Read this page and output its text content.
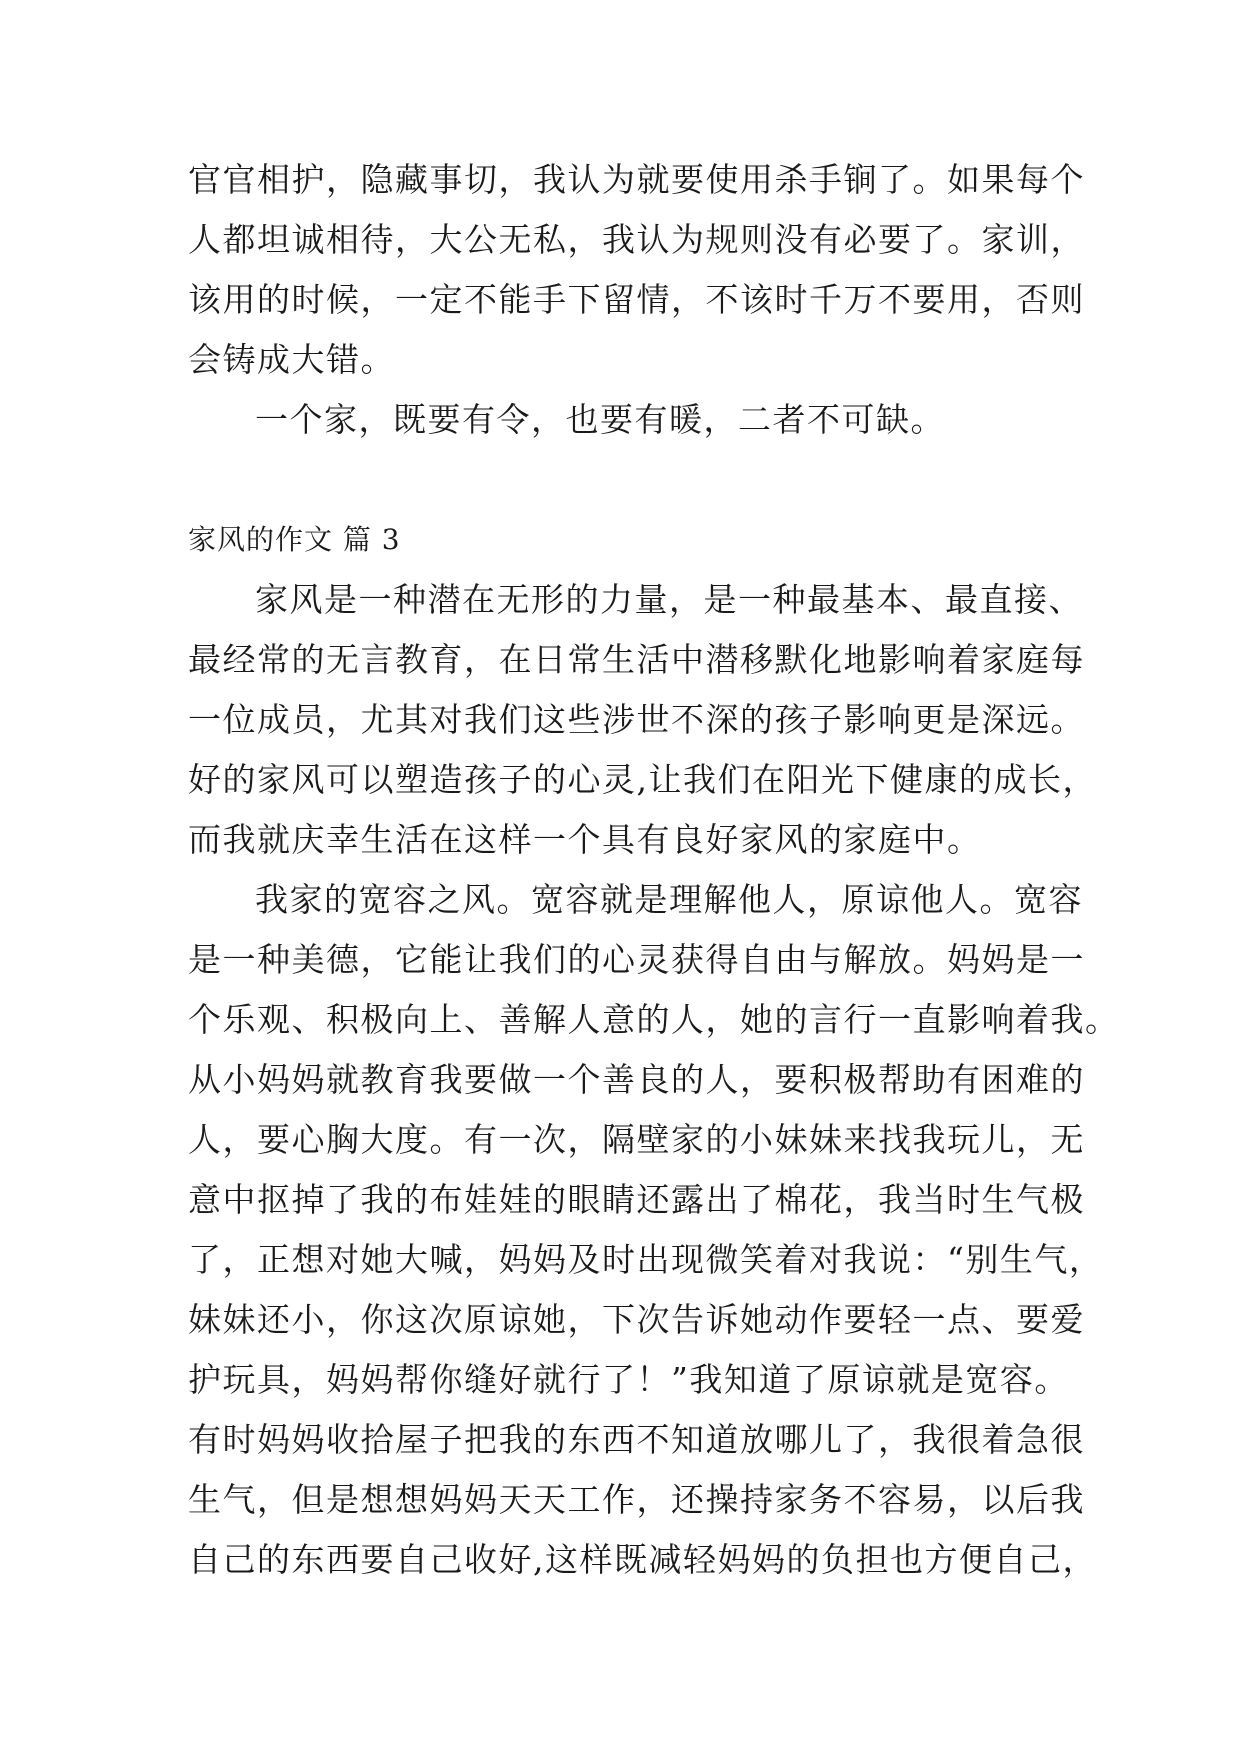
官官相护，隐藏事切，我认为就要使用杀手锏了。如果每个

人都坦诚相待，大公无私，我认为规则没有必要了。家训，

该用的时候，一定不能手下留情，不该时千万不要用，否则

会铸成大错。

一个家，既要有令，也要有暖，二者不可缺。

家风的作文 篇 3

家风是一种潜在无形的力量，是一种最基本、最直接、

最经常的无言教育，在日常生活中潜移默化地影响着家庭每

一位成员，尤其对我们这些涉世不深的孩子影响更是深远。

好的家风可以塑造孩子的心灵,让我们在阳光下健康的成长，

而我就庆幸生活在这样一个具有良好家风的家庭中。

我家的宽容之风。宽容就是理解他人，原谅他人。宽容

是一种美德，它能让我们的心灵获得自由与解放。妈妈是一

个乐观、积极向上、善解人意的人，她的言行一直影响着我。

从小妈妈就教育我要做一个善良的人，要积极帮助有困难的

人，要心胸大度。有一次，隔壁家的小妹妹来找我玩儿，无

意中抠掉了我的布娃娃的眼睛还露出了棉花，我当时生气极

了，正想对她大喊，妈妈及时出现微笑着对我说：“别生气，

妹妹还小，你这次原谅她，下次告诉她动作要轻一点、要爱

护玩具，妈妈帮你缝好就行了！”我知道了原谅就是宽容。

有时妈妈收拾屋子把我的东西不知道放哪儿了，我很着急很

生气，但是想想妈妈天天工作，还操持家务不容易，以后我

自己的东西要自己收好,这样既减轻妈妈的负担也方便自己，
